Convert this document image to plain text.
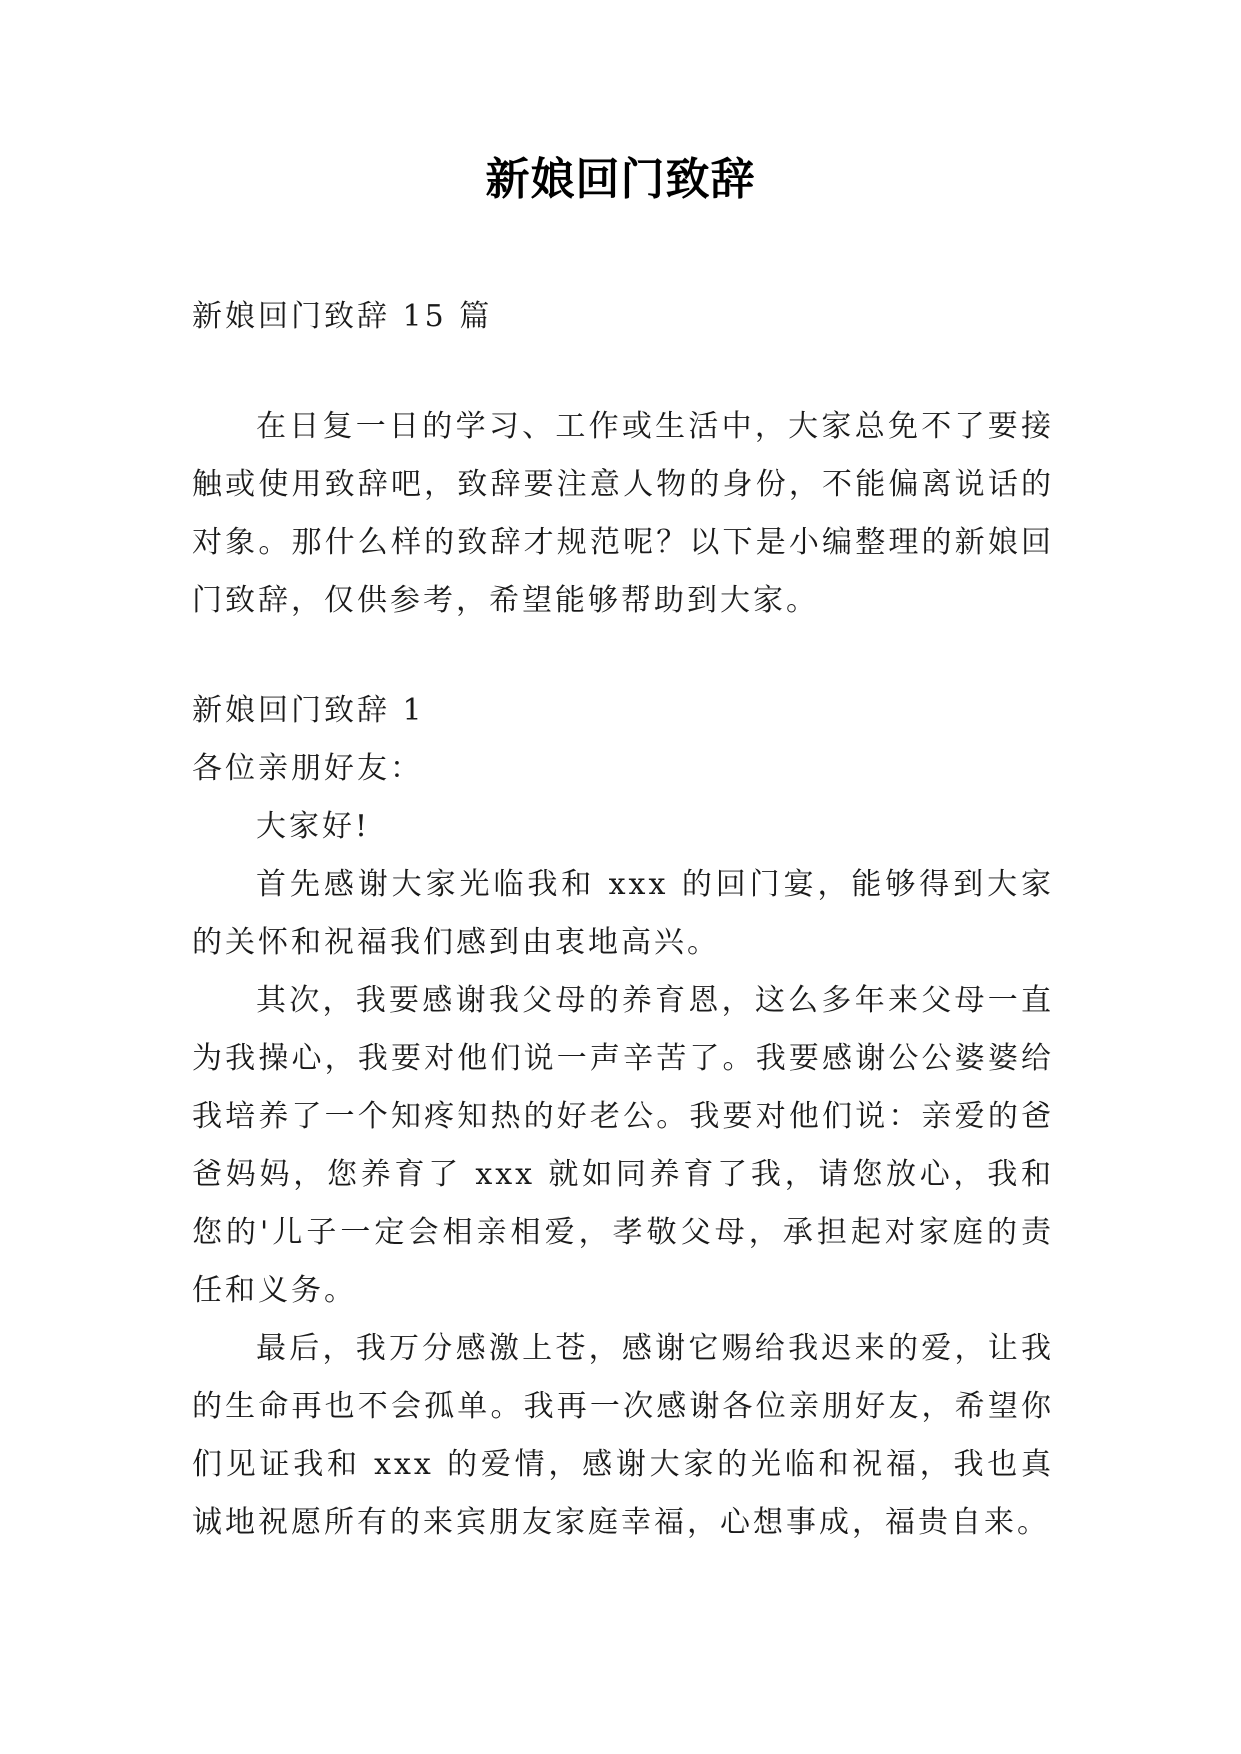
新娘回门致辞

新娘回门致辞 15 篇

在日复一日的学习、工作或生活中，大家总免不了要接触或使用致辞吧，致辞要注意人物的身份，不能偏离说话的对象。那什么样的致辞才规范呢？以下是小编整理的新娘回门致辞，仅供参考，希望能够帮助到大家。

新娘回门致辞 1

各位亲朋好友：

大家好!

首先感谢大家光临我和 xxx 的回门宴，能够得到大家的关怀和祝福我们感到由衷地高兴。

其次，我要感谢我父母的养育恩，这么多年来父母一直为我操心，我要对他们说一声辛苦了。我要感谢公公婆婆给我培养了一个知疼知热的好老公。我要对他们说：亲爱的爸爸妈妈，您养育了 xxx 就如同养育了我，请您放心，我和您的'儿子一定会相亲相爱，孝敬父母，承担起对家庭的责任和义务。

最后，我万分感激上苍，感谢它赐给我迟来的爱，让我的生命再也不会孤单。我再一次感谢各位亲朋好友，希望你们见证我和 xxx 的爱情，感谢大家的光临和祝福，我也真诚地祝愿所有的来宾朋友家庭幸福，心想事成，福贵自来。
